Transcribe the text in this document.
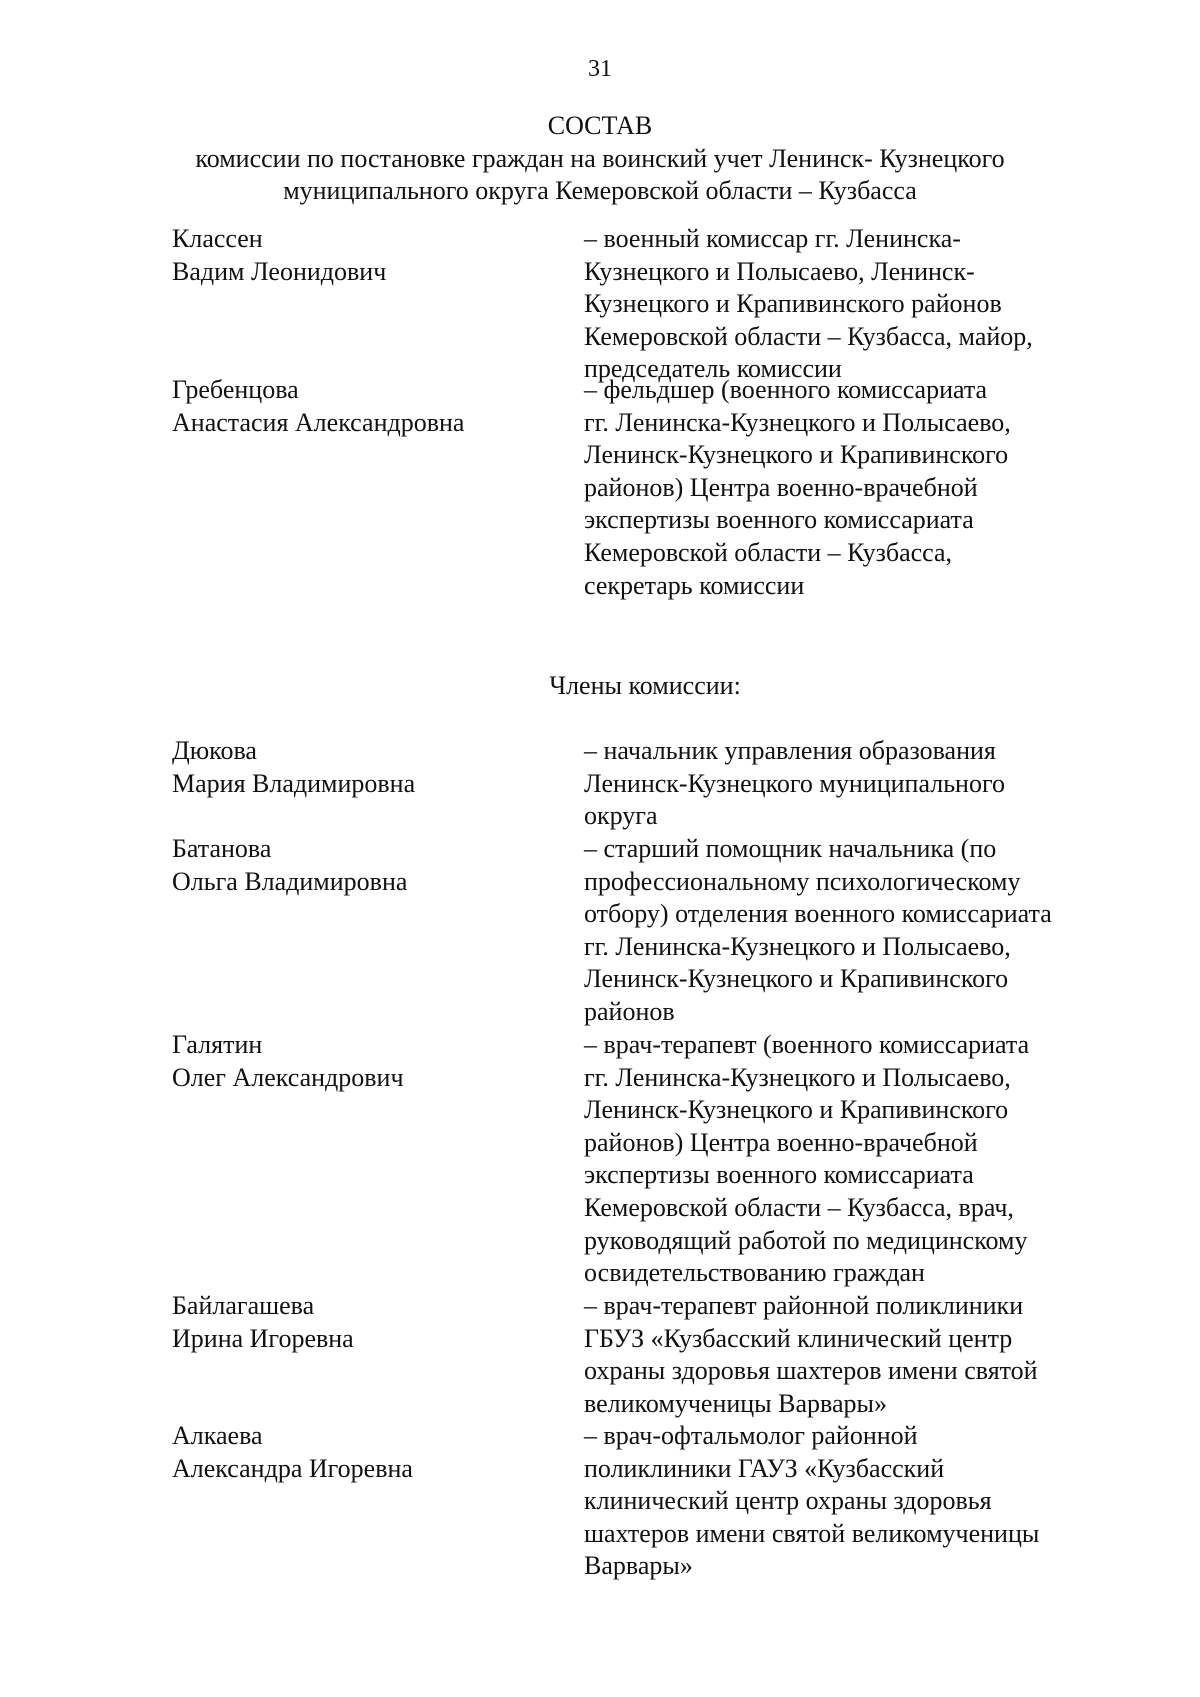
31
СОСТАВ
комиссии по постановке граждан на воинский учет Ленинск- Кузнецкого
муниципального округа Кемеровской области – Кузбасса
Классен
Вадим Леонидович
– военный комиссар гг. Ленинска-
Кузнецкого и Полысаево, Ленинск-
Кузнецкого и Крапивинского районов
Кемеровской области – Кузбасса, майор,
председатель комиссии
Гребенцова
Анастасия Александровна
– фельдшер (военного комиссариата
гг. Ленинска-Кузнецкого и Полысаево,
Ленинск-Кузнецкого и Крапивинского
районов) Центра военно-врачебной
экспертизы военного комиссариата
Кемеровской области – Кузбасса,
секретарь комиссии
Члены комиссии:
Дюкова
Мария Владимировна
– начальник управления образования
Ленинск-Кузнецкого муниципального
округа
Батанова
Ольга Владимировна
– старший помощник начальника (по
профессиональному психологическому
отбору) отделения военного комиссариата
гг. Ленинска-Кузнецкого и Полысаево,
Ленинск-Кузнецкого и Крапивинского
районов
Галятин
Олег Александрович
– врач-терапевт (военного комиссариата
гг. Ленинска-Кузнецкого и Полысаево,
Ленинск-Кузнецкого и Крапивинского
районов) Центра военно-врачебной
экспертизы военного комиссариата
Кемеровской области – Кузбасса, врач,
руководящий работой по медицинскому
освидетельствованию граждан
Байлагашева
Ирина Игоревна
– врач-терапевт районной поликлиники
ГБУЗ «Кузбасский клинический центр
охраны здоровья шахтеров имени святой
великомученицы Варвары»
Алкаева
Александра Игоревна
– врач-офтальмолог районной
поликлиники ГАУЗ «Кузбасский
клинический центр охраны здоровья
шахтеров имени святой великомученицы
Варвары»
